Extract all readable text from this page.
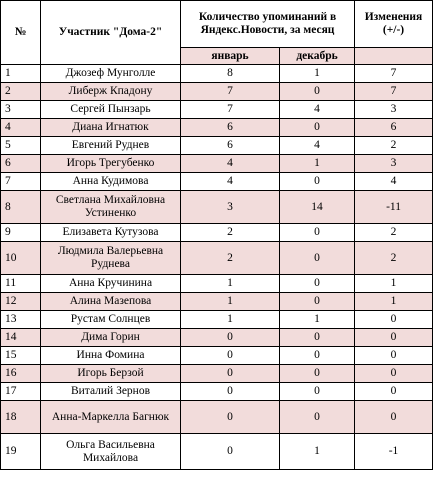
№	Участник "Дома-2"	Количество упоминаний в Яндекс.Новости, за месяц		Изменения (+/-)
		январь	декабрь	
1	Джозеф Мунголле	8	1	7
2	Либерж Кпадону	7	0	7
3	Сергей Пынзарь	7	4	3
4	Диана Игнатюк	6	0	6
5	Евгений Руднев	6	4	2
6	Игорь Трегубенко	4	1	3
7	Анна Кудимова	4	0	4
8	Светлана Михайловна Устиненко	3	14	-11
9	Елизавета Кутузова	2	0	2
10	Людмила Валерьевна Руднева	2	0	2
11	Анна Кручинина	1	0	1
12	Алина Мазепова	1	0	1
13	Рустам Солнцев	1	1	0
14	Дима Горин	0	0	0
15	Инна Фомина	0	0	0
16	Игорь Берзой	0	0	0
17	Виталий Зернов	0	0	0
18	Анна-Маркелла Багнюк	0	0	0
19	Ольга Васильевна Михайлова	0	1	-1
